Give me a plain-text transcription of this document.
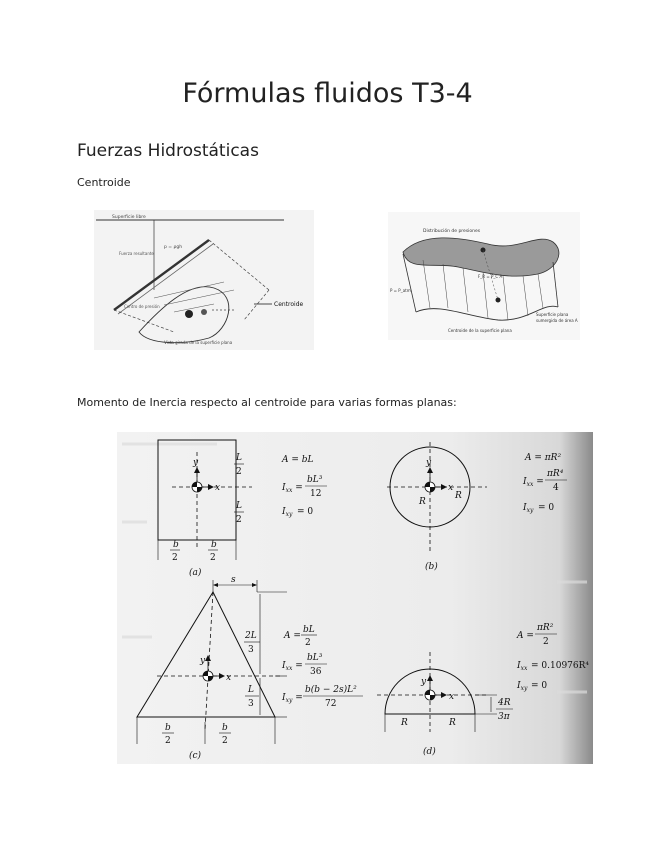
Fórmulas fluidos T3-4
Fuerzas Hidrostáticas
Centroide
Superficie libre
p = ρgh
Fuerza resultante
Centro de presión	Centroide
Vista girada de la superficie plana
Distribución de presiones
P = P_atm
F_R = P_C A
Superficie plana
sumergida de área A
Centroide de la superficie plana
Momento de Inercia respecto al centroide para varias formas planas:
y
x
L
2
L
2
b
2
b
2
(a)
A = bL
$I_{xx}$ =
bL³
12
$I_{xy} = 0$
y
x
R
R
(b)
A = πR²
$I_{xx}$ =
πR⁴
4
$I_{xy} = 0$
s
y
x
2L
3
L
3
b
2
b
2
(c)
A =
bL
2
$I_{xx}$ =
bL³
36
$I_{xy}$ =
b(b − 2s)L²
72
y
x
R	R
4R
3π
(d)
A =
πR²
2
$I_{xx} = 0.10976R^4$
$I_{xy} = 0$
